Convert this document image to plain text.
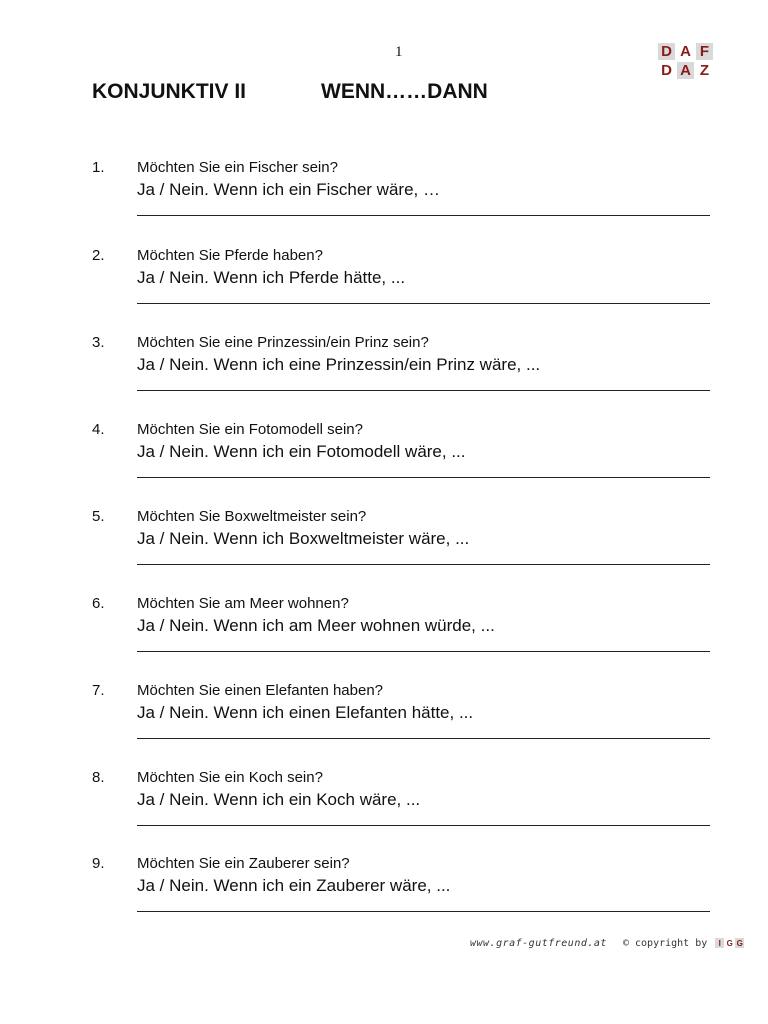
1	D A F
D A Z
KONJUNKTIV II	WENN……DANN
1. Möchten Sie ein Fischer sein?
Ja / Nein. Wenn ich ein Fischer wäre, …
2. Möchten Sie Pferde haben?
Ja / Nein. Wenn ich Pferde hätte, ...
3. Möchten Sie eine Prinzessin/ein Prinz sein?
Ja / Nein. Wenn ich eine Prinzessin/ein Prinz wäre, ...
4. Möchten Sie ein Fotomodell sein?
Ja / Nein. Wenn ich ein Fotomodell wäre, ...
5. Möchten Sie Boxweltmeister sein?
Ja / Nein. Wenn ich Boxweltmeister wäre, ...
6. Möchten Sie am Meer wohnen?
Ja / Nein. Wenn ich am Meer wohnen würde, ...
7. Möchten Sie einen Elefanten haben?
Ja / Nein. Wenn ich einen Elefanten hätte, ...
8. Möchten Sie ein Koch sein?
Ja / Nein. Wenn ich ein Koch wäre, ...
9. Möchten Sie ein Zauberer sein?
Ja / Nein. Wenn ich ein Zauberer wäre, ...
www.graf-gutfreund.at © copyright by	I G G
